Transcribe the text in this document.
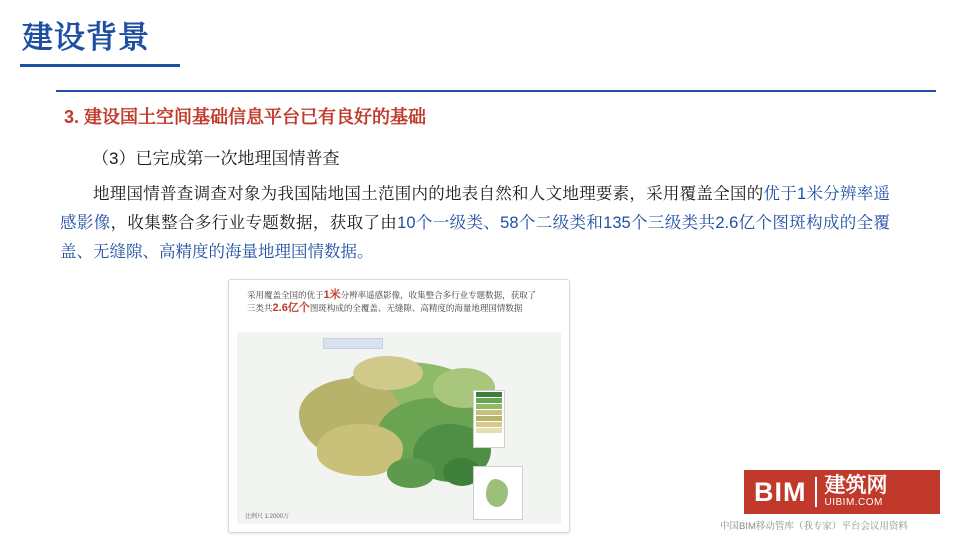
建设背景
3. 建设国土空间基础信息平台已有良好的基础
（3）已完成第一次地理国情普查
地理国情普查调查对象为我国陆地国土范围内的地表自然和人文地理要素，采用覆盖全国的优于1米分辨率遥感影像，收集整合多行业专题数据，获取了由10个一级类、58个二级类和135个三级类共2.6亿个图斑构成的全覆盖、无缝隙、高精度的海量地理国情数据。
采用覆盖全国的优于1米分辨率遥感影像，收集整合多行业专题数据，获取了三类共2.6亿个图斑构成的全覆盖、无缝隙、高精度的海量地理国情数据
比例尺 1:2000万
BIM 建筑网
UIBIM.COM
中国BIM移动管库（我专家）平台会议用资料
